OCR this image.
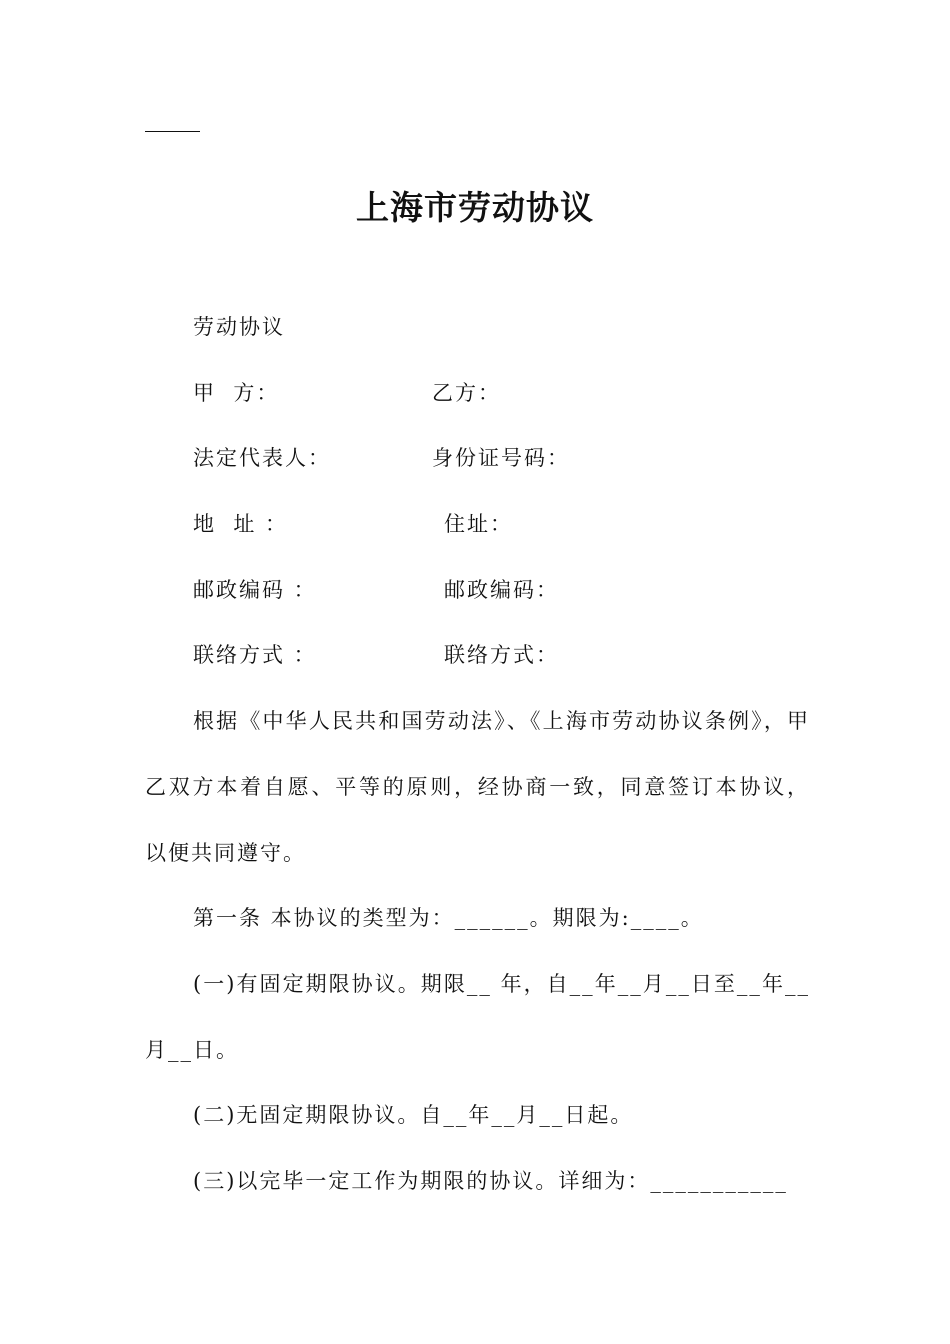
上海市劳动协议
劳动协议
甲  方：	乙方：
法定代表人：	身份证号码：
地  址 ：	住址：
邮政编码 ：	邮政编码：
联络方式 ：	联络方式：

根据《中华人民共和国劳动法》、《上海市劳动协议条例》，甲乙双方本着自愿、平等的原则，经协商一致，同意签订本协议，以便共同遵守。

第一条 本协议的类型为：______。期限为:____。

(一)有固定期限协议。期限__ 年，自__年__月__日至__年__月__日。

(二)无固定期限协议。自__年__月__日起。

(三)以完毕一定工作为期限的协议。详细为：___________
